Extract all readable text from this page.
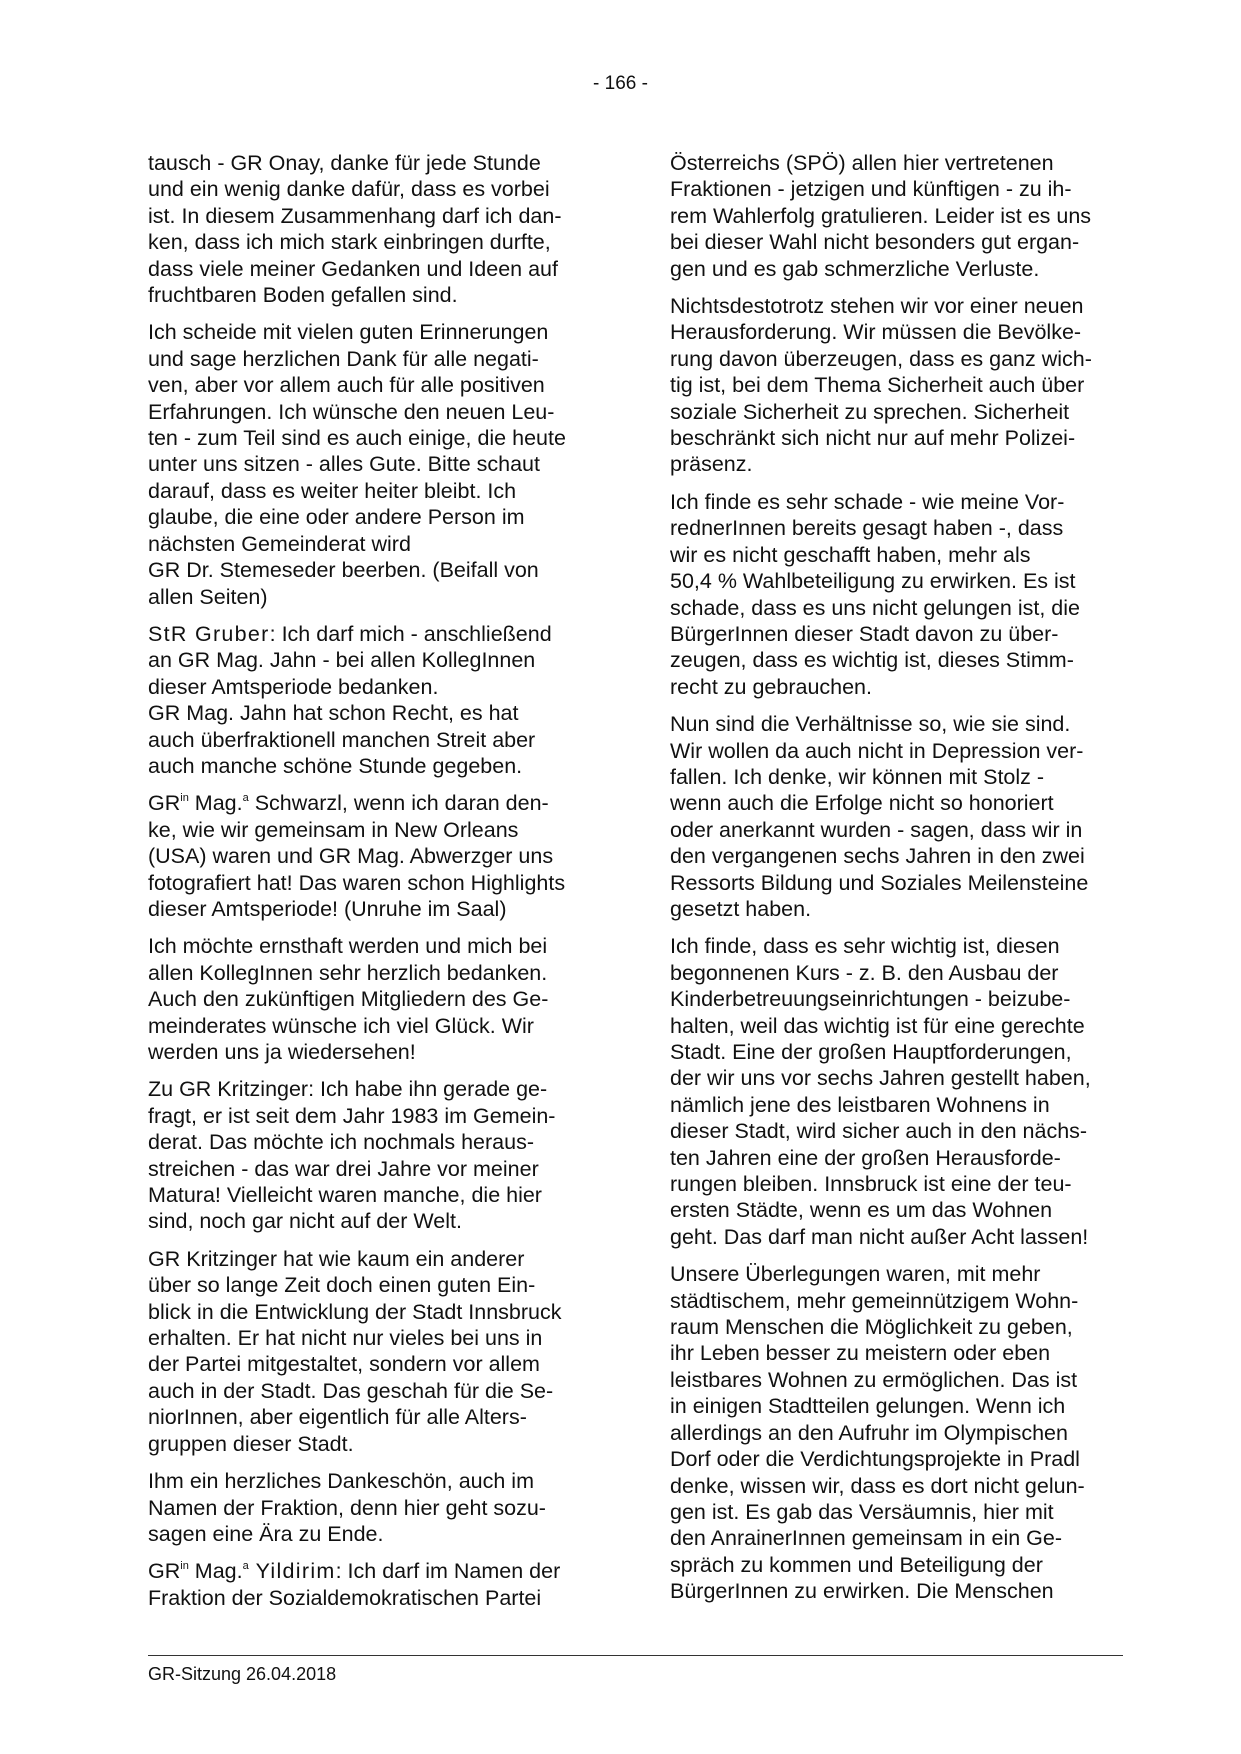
- 166 -

tausch - GR Onay, danke für jede Stunde
und ein wenig danke dafür, dass es vorbei
ist. In diesem Zusammenhang darf ich dan-
ken, dass ich mich stark einbringen durfte,
dass viele meiner Gedanken und Ideen auf
fruchtbaren Boden gefallen sind.

Ich scheide mit vielen guten Erinnerungen
und sage herzlichen Dank für alle negati-
ven, aber vor allem auch für alle positiven
Erfahrungen. Ich wünsche den neuen Leu-
ten - zum Teil sind es auch einige, die heute
unter uns sitzen - alles Gute. Bitte schaut
darauf, dass es weiter heiter bleibt. Ich
glaube, die eine oder andere Person im
nächsten Gemeinderat wird
GR Dr. Stemeseder beerben. (Beifall von
allen Seiten)

StR Gruber: Ich darf mich - anschließend
an GR Mag. Jahn - bei allen KollegInnen
dieser Amtsperiode bedanken.
GR Mag. Jahn hat schon Recht, es hat
auch überfraktionell manchen Streit aber
auch manche schöne Stunde gegeben.

$GR^{in}$ Mag.$^a$ Schwarzl, wenn ich daran den-
ke, wie wir gemeinsam in New Orleans
(USA) waren und GR Mag. Abwerzger uns
fotografiert hat! Das waren schon Highlights
dieser Amtsperiode! (Unruhe im Saal)

Ich möchte ernsthaft werden und mich bei
allen KollegInnen sehr herzlich bedanken.
Auch den zukünftigen Mitgliedern des Ge-
meinderates wünsche ich viel Glück. Wir
werden uns ja wiedersehen!

Zu GR Kritzinger: Ich habe ihn gerade ge-
fragt, er ist seit dem Jahr 1983 im Gemein-
derat. Das möchte ich nochmals heraus-
streichen - das war drei Jahre vor meiner
Matura! Vielleicht waren manche, die hier
sind, noch gar nicht auf der Welt.

GR Kritzinger hat wie kaum ein anderer
über so lange Zeit doch einen guten Ein-
blick in die Entwicklung der Stadt Innsbruck
erhalten. Er hat nicht nur vieles bei uns in
der Partei mitgestaltet, sondern vor allem
auch in der Stadt. Das geschah für die Se-
niorInnen, aber eigentlich für alle Alters-
gruppen dieser Stadt.

Ihm ein herzliches Dankeschön, auch im
Namen der Fraktion, denn hier geht sozu-
sagen eine Ära zu Ende.

$GR^{in}$ Mag.$^a$ Yildirim: Ich darf im Namen der
Fraktion der Sozialdemokratischen Partei

Österreichs (SPÖ) allen hier vertretenen
Fraktionen - jetzigen und künftigen - zu ih-
rem Wahlerfolg gratulieren. Leider ist es uns
bei dieser Wahl nicht besonders gut ergan-
gen und es gab schmerzliche Verluste.

Nichtsdestotrotz stehen wir vor einer neuen
Herausforderung. Wir müssen die Bevölke-
rung davon überzeugen, dass es ganz wich-
tig ist, bei dem Thema Sicherheit auch über
soziale Sicherheit zu sprechen. Sicherheit
beschränkt sich nicht nur auf mehr Polizei-
präsenz.

Ich finde es sehr schade - wie meine Vor-
rednerInnen bereits gesagt haben -, dass
wir es nicht geschafft haben, mehr als
50,4 % Wahlbeteiligung zu erwirken. Es ist
schade, dass es uns nicht gelungen ist, die
BürgerInnen dieser Stadt davon zu über-
zeugen, dass es wichtig ist, dieses Stimm-
recht zu gebrauchen.

Nun sind die Verhältnisse so, wie sie sind.
Wir wollen da auch nicht in Depression ver-
fallen. Ich denke, wir können mit Stolz -
wenn auch die Erfolge nicht so honoriert
oder anerkannt wurden - sagen, dass wir in
den vergangenen sechs Jahren in den zwei
Ressorts Bildung und Soziales Meilensteine
gesetzt haben.

Ich finde, dass es sehr wichtig ist, diesen
begonnenen Kurs - z. B. den Ausbau der
Kinderbetreuungseinrichtungen - beizube-
halten, weil das wichtig ist für eine gerechte
Stadt. Eine der großen Hauptforderungen,
der wir uns vor sechs Jahren gestellt haben,
nämlich jene des leistbaren Wohnens in
dieser Stadt, wird sicher auch in den nächs-
ten Jahren eine der großen Herausforde-
rungen bleiben. Innsbruck ist eine der teu-
ersten Städte, wenn es um das Wohnen
geht. Das darf man nicht außer Acht lassen!

Unsere Überlegungen waren, mit mehr
städtischem, mehr gemeinnützigem Wohn-
raum Menschen die Möglichkeit zu geben,
ihr Leben besser zu meistern oder eben
leistbares Wohnen zu ermöglichen. Das ist
in einigen Stadtteilen gelungen. Wenn ich
allerdings an den Aufruhr im Olympischen
Dorf oder die Verdichtungsprojekte in Pradl
denke, wissen wir, dass es dort nicht gelun-
gen ist. Es gab das Versäumnis, hier mit
den AnrainerInnen gemeinsam in ein Ge-
spräch zu kommen und Beteiligung der
BürgerInnen zu erwirken. Die Menschen

GR-Sitzung 26.04.2018
